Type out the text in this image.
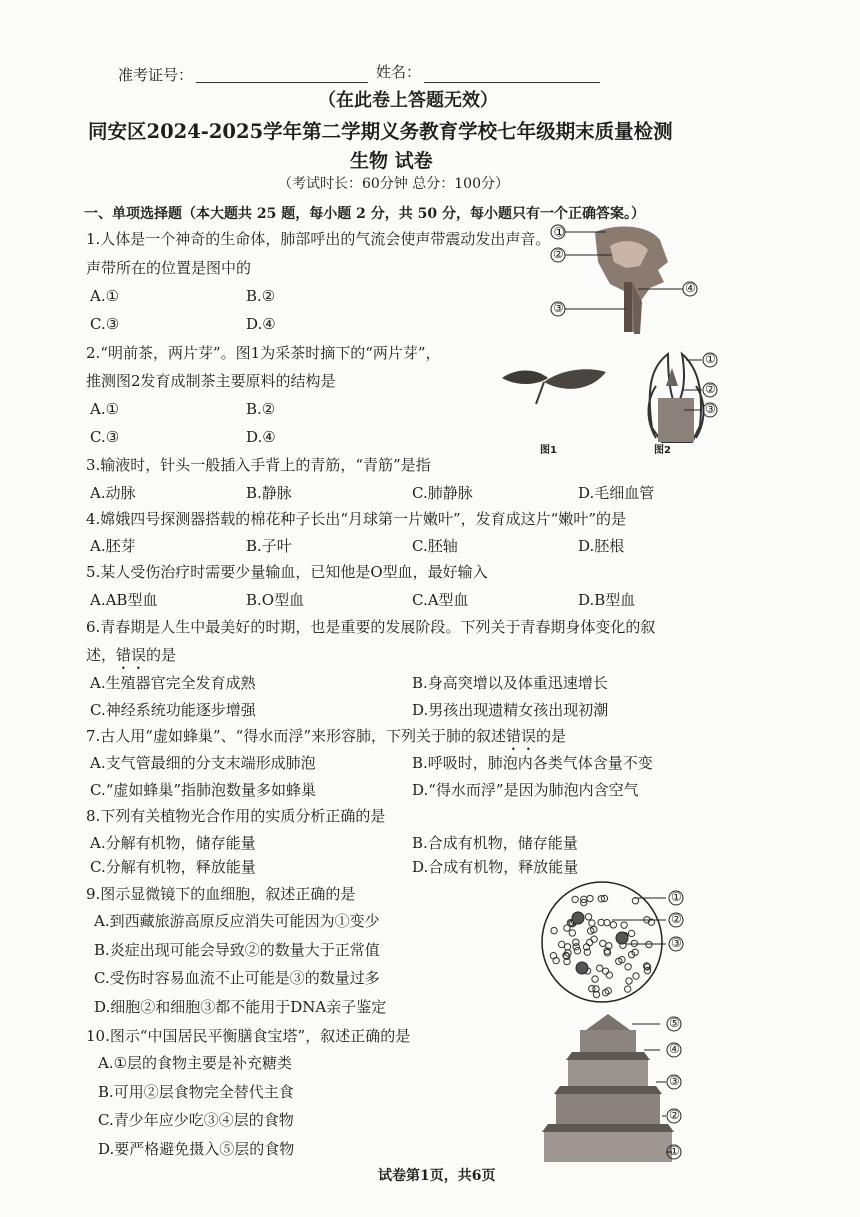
准考证号：	姓名：
（在此卷上答题无效）
同安区2024-2025学年第二学期义务教育学校七年级期末质量检测
生物 试卷
（考试时长：60分钟 总分：100分）
一、单项选择题（本大题共 25 题，每小题 2 分，共 50 分，每小题只有一个正确答案。）
1.人体是一个神奇的生命体，肺部呼出的气流会使声带震动发出声音。
声带所在的位置是图中的
A.①	B.②
C.③	D.④
①
②
③
④
2.“明前茶，两片芽”。图1为采茶时摘下的“两片芽”，
推测图2发育成制茶主要原料的结构是
A.①	B.②
C.③	D.④
①
②
③
图1	图2
3.输液时，针头一般插入手背上的青筋，“青筋”是指
A.动脉	B.静脉	C.肺静脉	D.毛细血管
4.嫦娥四号探测器搭载的棉花种子长出“月球第一片嫩叶”，发育成这片“嫩叶”的是
A.胚芽	B.子叶	C.胚轴	D.胚根
5.某人受伤治疗时需要少量输血，已知他是O型血，最好输入
A.AB型血	B.O型血	C.A型血	D.B型血
6.青春期是人生中最美好的时期，也是重要的发展阶段。下列关于青春期身体变化的叙
述，错误的是
A.生殖器官完全发育成熟	B.身高突增以及体重迅速增长
C.神经系统功能逐步增强	D.男孩出现遗精女孩出现初潮
7.古人用“虚如蜂巢”、“得水而浮”来形容肺，下列关于肺的叙述错误的是
A.支气管最细的分支末端形成肺泡	B.呼吸时，肺泡内各类气体含量不变
C.“虚如蜂巢”指肺泡数量多如蜂巢	D.“得水而浮”是因为肺泡内含空气
8.下列有关植物光合作用的实质分析正确的是
A.分解有机物，储存能量	B.合成有机物，储存能量
C.分解有机物，释放能量	D.合成有机物，释放能量
9.图示显微镜下的血细胞，叙述正确的是
A.到西藏旅游高原反应消失可能因为①变少
B.炎症出现可能会导致②的数量大于正常值
C.受伤时容易血流不止可能是③的数量过多
D.细胞②和细胞③都不能用于DNA亲子鉴定
①
②
③
10.图示“中国居民平衡膳食宝塔”，叙述正确的是
A.①层的食物主要是补充糖类
B.可用②层食物完全替代主食
C.青少年应少吃③④层的食物
D.要严格避免摄入⑤层的食物
⑤
④
③
②
①
试卷第1页，共6页
